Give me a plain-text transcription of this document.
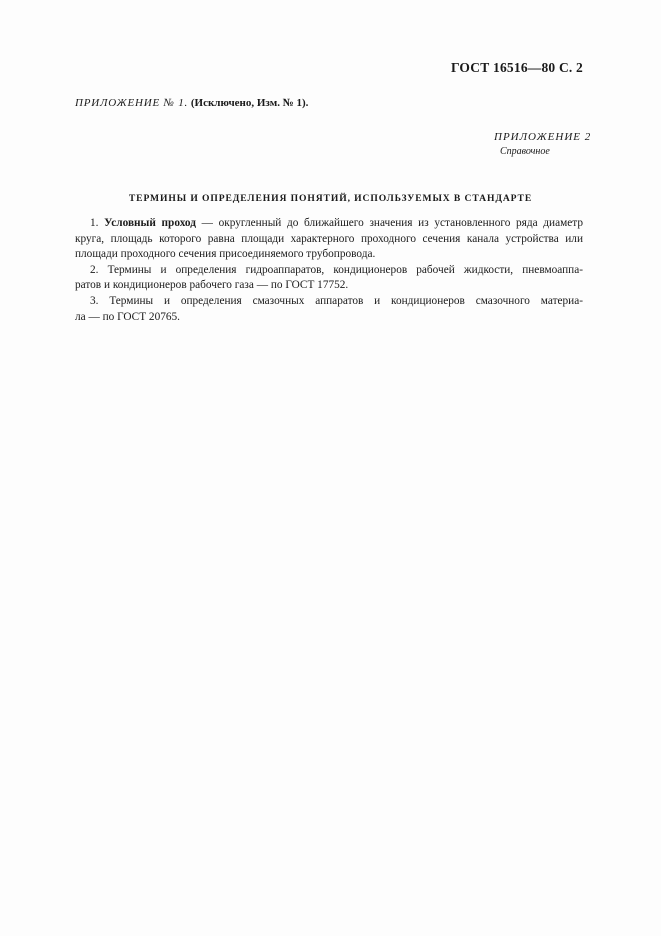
ГОСТ 16516—80 С. 2
ПРИЛОЖЕНИЕ № 1. (Исключено, Изм. № 1).
ПРИЛОЖЕНИЕ 2
Справочное
ТЕРМИНЫ И ОПРЕДЕЛЕНИЯ ПОНЯТИЙ, ИСПОЛЬЗУЕМЫХ В СТАНДАРТЕ
1. Условный проход — округленный до ближайшего значения из установленного ряда диаметр
круга, площадь которого равна площади характерного проходного сечения канала устройства или
площади проходного сечения присоединяемого трубопровода.
2. Термины и определения гидроаппаратов, кондиционеров рабочей жидкости, пневмоаппа-
ратов и кондиционеров рабочего газа — по ГОСТ 17752.
3. Термины и определения смазочных аппаратов и кондиционеров смазочного материа-
ла — по ГОСТ 20765.
